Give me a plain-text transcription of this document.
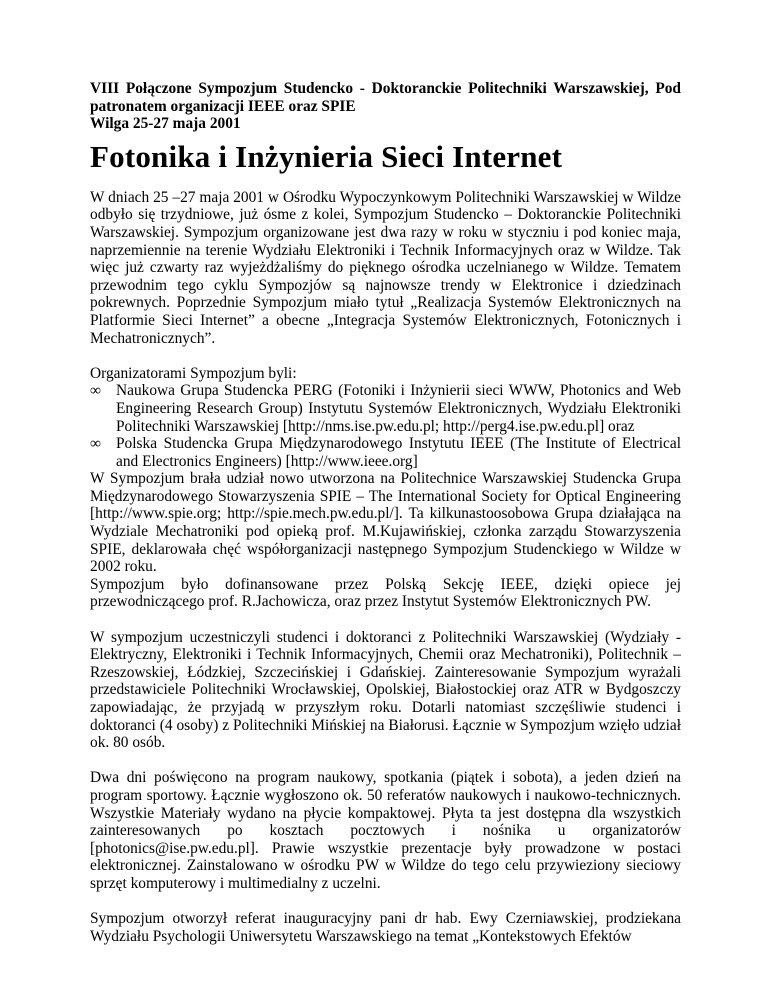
VIII Połączone Sympozjum Studencko - Doktoranckie Politechniki Warszawskiej, Pod patronatem organizacji IEEE oraz SPIE
Wilga 25-27 maja 2001
Fotonika i Inżynieria Sieci Internet
W dniach 25 –27 maja 2001 w Ośrodku Wypoczynkowym Politechniki Warszawskiej w Wildze odbyło się trzydniowe, już ósme z kolei, Sympozjum Studencko – Doktoranckie Politechniki Warszawskiej. Sympozjum organizowane jest dwa razy w roku w styczniu i pod koniec maja, naprzemiennie na terenie Wydziału Elektroniki i Technik Informacyjnych oraz w Wildze. Tak więc już czwarty raz wyjeżdżaliśmy do pięknego ośrodka uczelnianego w Wildze. Tematem przewodnim tego cyklu Sympozjów są najnowsze trendy w Elektronice i dziedzinach pokrewnych. Poprzednie Sympozjum miało tytuł „Realizacja Systemów Elektronicznych na Platformie Sieci Internet” a obecne „Integracja Systemów Elektronicznych, Fotonicznych i Mechatronicznych”.
Organizatorami Sympozjum byli:
∞ Naukowa Grupa Studencka PERG (Fotoniki i Inżynierii sieci WWW, Photonics and Web Engineering Research Group) Instytutu Systemów Elektronicznych, Wydziału Elektroniki Politechniki Warszawskiej [http://nms.ise.pw.edu.pl; http://perg4.ise.pw.edu.pl] oraz
∞ Polska Studencka Grupa Międzynarodowego Instytutu IEEE (The Institute of Electrical and Electronics Engineers) [http://www.ieee.org]
W Sympozjum brała udział nowo utworzona na Politechnice Warszawskiej Studencka Grupa Międzynarodowego Stowarzyszenia SPIE – The International Society for Optical Engineering [http://www.spie.org; http://spie.mech.pw.edu.pl/]. Ta kilkunastoosobowa Grupa działająca na Wydziale Mechatroniki pod opieką prof. M.Kujawińskiej, członka zarządu Stowarzyszenia SPIE, deklarowała chęć współorganizacji następnego Sympozjum Studenckiego w Wildze w 2002 roku.
Sympozjum było dofinansowane przez Polską Sekcję IEEE, dzięki opiece jej przewodniczącego prof. R.Jachowicza, oraz przez Instytut Systemów Elektronicznych PW.
W sympozjum uczestniczyli studenci i doktoranci z Politechniki Warszawskiej (Wydziały - Elektryczny, Elektroniki i Technik Informacyjnych, Chemii oraz Mechatroniki), Politechnik – Rzeszowskiej, Łódzkiej, Szczecińskiej i Gdańskiej. Zainteresowanie Sympozjum wyrażali przedstawiciele Politechniki Wrocławskiej, Opolskiej, Białostockiej oraz ATR w Bydgoszczy zapowiadając, że przyjadą w przyszłym roku. Dotarli natomiast szczęśliwie studenci i doktoranci (4 osoby) z Politechniki Mińskiej na Białorusi. Łącznie w Sympozjum wzięło udział ok. 80 osób.
Dwa dni poświęcono na program naukowy, spotkania (piątek i sobota), a jeden dzień na program sportowy. Łącznie wygłoszono ok. 50 referatów naukowych i naukowo-technicznych. Wszystkie Materiały wydano na płycie kompaktowej. Płyta ta jest dostępna dla wszystkich zainteresowanych po kosztach pocztowych i nośnika u organizatorów [photonics@ise.pw.edu.pl]. Prawie wszystkie prezentacje były prowadzone w postaci elektronicznej. Zainstalowano w ośrodku PW w Wildze do tego celu przywieziony sieciowy sprzęt komputerowy i multimedialny z uczelni.
Sympozjum otworzył referat inauguracyjny pani dr hab. Ewy Czerniawskiej, prodziekana Wydziału Psychologii Uniwersytetu Warszawskiego na temat „Kontekstowych Efektów
